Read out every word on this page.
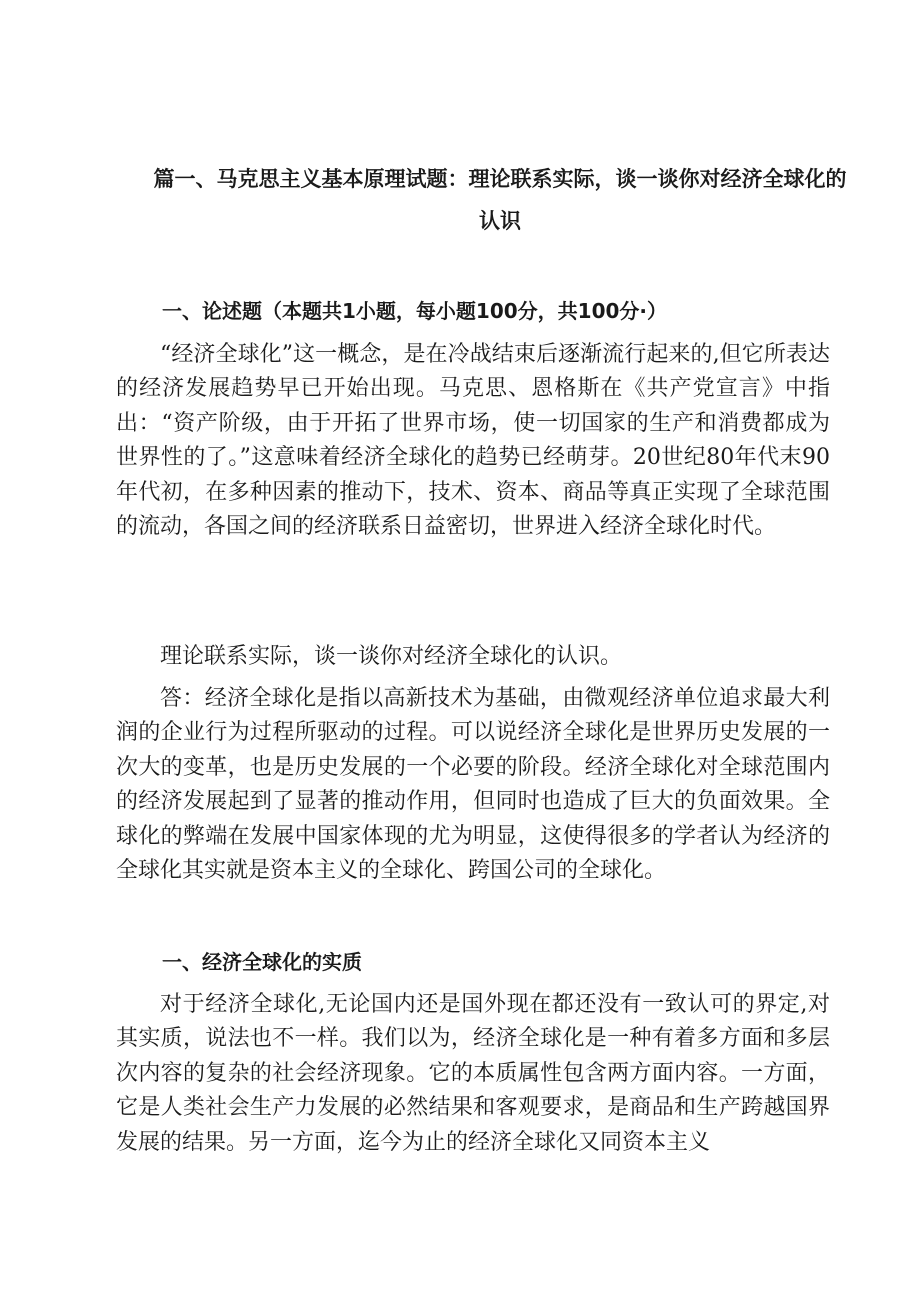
篇一、马克思主义基本原理试题：理论联系实际，谈一谈你对经济全球化的认识
一、论述题（本题共1小题，每小题100分，共100分·）

“经济全球化”这一概念，是在冷战结束后逐渐流行起来的,但它所表达的经济发展趋势早已开始出现。马克思、恩格斯在《共产党宣言》中指出：“资产阶级，由于开拓了世界市场，使一切国家的生产和消费都成为世界性的了。”这意味着经济全球化的趋势已经萌芽。20世纪80年代末90年代初，在多种因素的推动下，技术、资本、商品等真正实现了全球范围的流动，各国之间的经济联系日益密切，世界进入经济全球化时代。

理论联系实际，谈一谈你对经济全球化的认识。

答：经济全球化是指以高新技术为基础，由微观经济单位追求最大利润的企业行为过程所驱动的过程。可以说经济全球化是世界历史发展的一次大的变革，也是历史发展的一个必要的阶段。经济全球化对全球范围内的经济发展起到了显著的推动作用，但同时也造成了巨大的负面效果。全球化的弊端在发展中国家体现的尤为明显，这使得很多的学者认为经济的全球化其实就是资本主义的全球化、跨国公司的全球化。

一、经济全球化的实质

对于经济全球化,无论国内还是国外现在都还没有一致认可的界定,对其实质，说法也不一样。我们以为，经济全球化是一种有着多方面和多层次内容的复杂的社会经济现象。它的本质属性包含两方面内容。一方面，它是人类社会生产力发展的必然结果和客观要求，是商品和生产跨越国界发展的结果。另一方面，迄今为止的经济全球化又同资本主义
